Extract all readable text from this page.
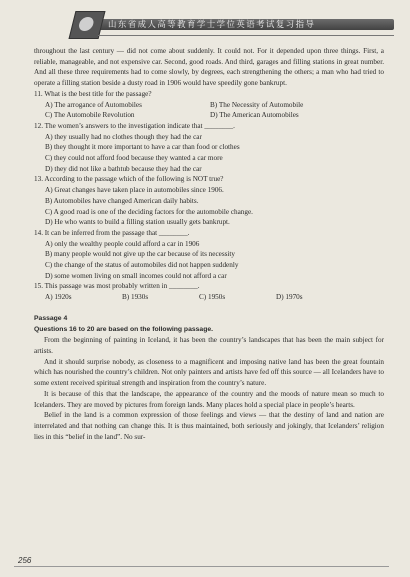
山东省成人高等教育学士学位英语考试复习指导

throughout the last century — did not come about suddenly. It could not. For it depended upon three things. First, a reliable, manageable, and not expensive car. Second, good roads. And third, garages and filling stations in great number. And all these three requirements had to come slowly, by degrees, each strengthening the others; a man who had tried to operate a filling station beside a dusty road in 1906 would have speedily gone bankrupt.

11. What is the best title for the passage?

A) The arrogance of Automobiles	B) The Necessity of Automobile
C) The Automobile Revolution	D) The American Automobiles

12. The women’s answers to the investigation indicate that ________.

A) they usually had no clothes though they had the car

B) they thought it more important to have a car than food or clothes

C) they could not afford food because they wanted a car more

D) they did not like a bathtub because they had the car

13. According to the passage which of the following is NOT true?

A) Great changes have taken place in automobiles since 1906.

B) Automobiles have changed American daily habits.

C) A good road is one of the deciding factors for the automobile change.

D) He who wants to build a filling station usually gets bankrupt.

14. It can be inferred from the passage that ________.

A) only the wealthy people could afford a car in 1906

B) many people would not give up the car because of its necessity

C) the change of the status of automobiles did not happen suddenly

D) some women living on small incomes could not afford a car

15. This passage was most probably written in ________.

A) 1920s	B) 1930s	C) 1950s	D) 1970s

Passage 4

Questions 16 to 20 are based on the following passage.

From the beginning of painting in Iceland, it has been the country’s landscapes that has been the main subject for artists.

And it should surprise nobody, as closeness to a magnificent and imposing native land has been the great fountain which has nourished the country’s children. Not only painters and artists have fed off this source — all Icelanders have to some extent received spiritual strength and inspiration from the country’s nature.

It is because of this that the landscape, the appearance of the country and the moods of nature mean so much to Icelanders. They are moved by pictures from foreign lands. Many places hold a special place in people’s hearts.

Belief in the land is a common expression of those feelings and views — that the destiny of land and nation are interrelated and that nothing can change this. It is thus maintained, both seriously and jokingly, that Icelanders’ religion lies in this “belief in the land”. No sur-

256
